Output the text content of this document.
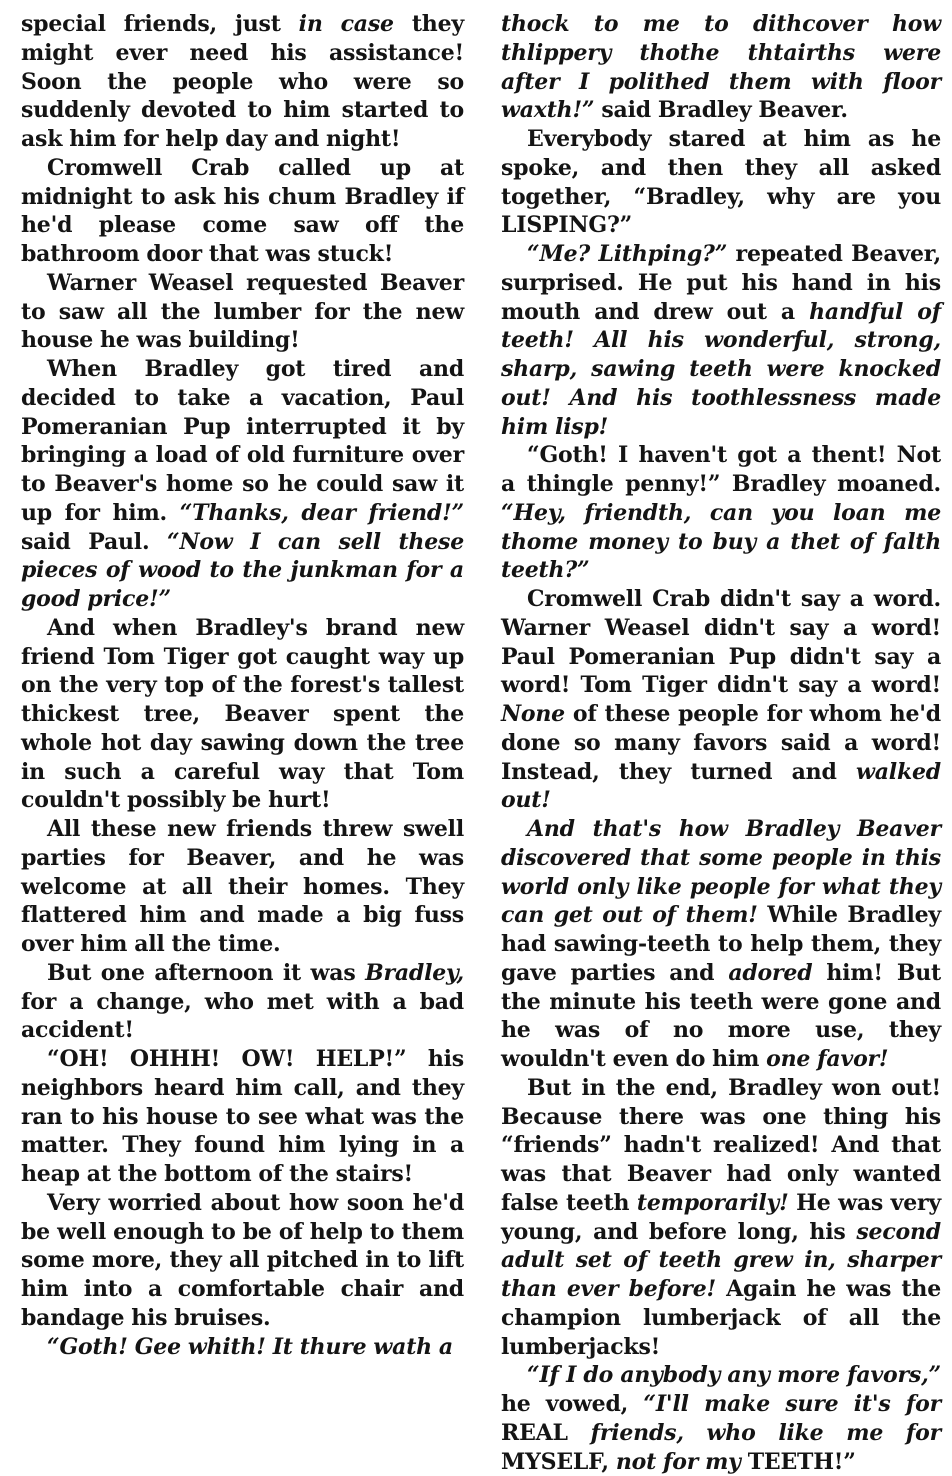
special friends, just in case they might ever need his assistance! Soon the people who were so suddenly devoted to him started to ask him for help day and night!

Cromwell Crab called up at midnight to ask his chum Bradley if he'd please come saw off the bathroom door that was stuck!

Warner Weasel requested Beaver to saw all the lumber for the new house he was building!

When Bradley got tired and decided to take a vacation, Paul Pomeranian Pup interrupted it by bringing a load of old furniture over to Beaver's home so he could saw it up for him. “Thanks, dear friend!” said Paul. “Now I can sell these pieces of wood to the junkman for a good price!”

And when Bradley's brand new friend Tom Tiger got caught way up on the very top of the forest's tallest thickest tree, Beaver spent the whole hot day sawing down the tree in such a careful way that Tom couldn't possibly be hurt!

All these new friends threw swell parties for Beaver, and he was welcome at all their homes. They flattered him and made a big fuss over him all the time.

But one afternoon it was Bradley, for a change, who met with a bad accident!

“OH! OHHH! OW! HELP!” his neighbors heard him call, and they ran to his house to see what was the matter. They found him lying in a heap at the bottom of the stairs!

Very worried about how soon he'd be well enough to be of help to them some more, they all pitched in to lift him into a comfortable chair and bandage his bruises.

“Goth! Gee whith! It thure wath a

thock to me to dithcover how thlippery thothe thtairths were after I polithed them with floor waxth!” said Bradley Beaver.

Everybody stared at him as he spoke, and then they all asked together, “Bradley, why are you LISPING?”

“Me? Lithping?” repeated Beaver, surprised. He put his hand in his mouth and drew out a handful of teeth! All his wonderful, strong, sharp, sawing teeth were knocked out! And his toothlessness made him lisp!

“Goth! I haven't got a thent! Not a thingle penny!” Bradley moaned. “Hey, friendth, can you loan me thome money to buy a thet of falth teeth?”

Cromwell Crab didn't say a word. Warner Weasel didn't say a word! Paul Pomeranian Pup didn't say a word! Tom Tiger didn't say a word! None of these people for whom he'd done so many favors said a word! Instead, they turned and walked out!

And that's how Bradley Beaver discovered that some people in this world only like people for what they can get out of them! While Bradley had sawing-teeth to help them, they gave parties and adored him! But the minute his teeth were gone and he was of no more use, they wouldn't even do him one favor!

But in the end, Bradley won out! Because there was one thing his “friends” hadn't realized! And that was that Beaver had only wanted false teeth temporarily! He was very young, and before long, his second adult set of teeth grew in, sharper than ever before! Again he was the champion lumberjack of all the lumberjacks!

“If I do anybody any more favors,” he vowed, “I'll make sure it's for REAL friends, who like me for MYSELF, not for my TEETH!”
